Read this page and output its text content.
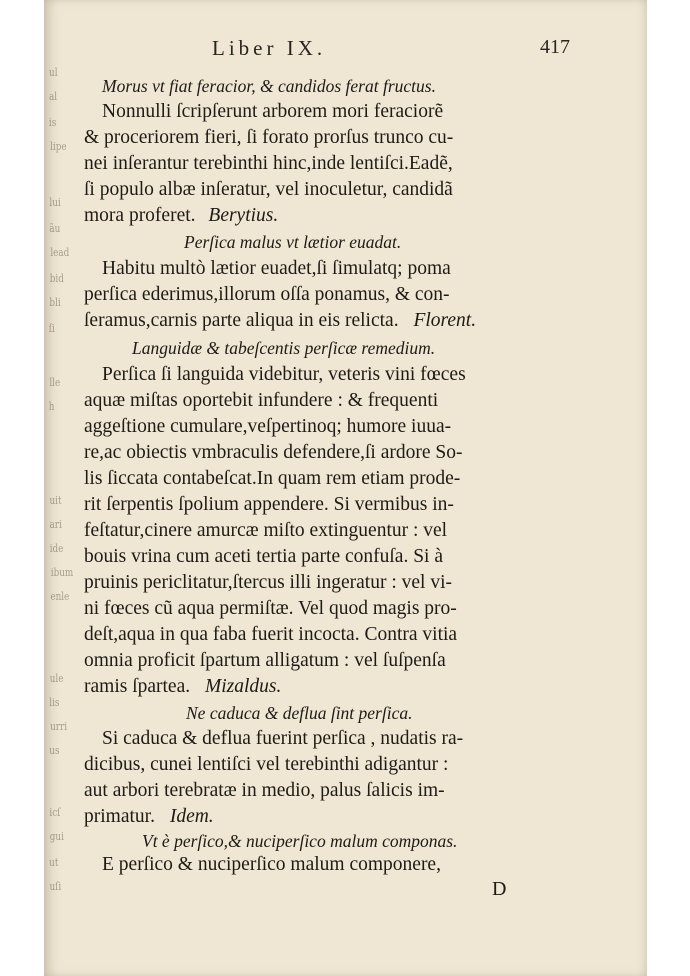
ul
al
is
lipe
lui
ãu
lead
bid
bli
ſi
lle
h
uit
ari
ide
ibum
enle
ule
lis
urri
us
icſ
gui
ut
uſi
Liber IX.	417
Morus vt fiat feracior, & candidos ferat fructus.
Nonnulli ſcripſerunt arborem mori feraciorẽ
& proceriorem fieri, ſi forato prorſus trunco cu-
nei inſerantur terebinthi hinc,inde lentiſci.Eadẽ,
ſi populo albæ inſeratur, vel inoculetur, candidã
mora proferet. Berytius.
Perſica malus vt lætior euadat.
Habitu multò lætior euadet,ſi ſimulatq; poma
perſica ederimus,illorum oſſa ponamus, & con-
ſeramus,carnis parte aliqua in eis relicta. Florent.
Languidæ & tabeſcentis perſicæ remedium.
Perſica ſi languida videbitur, veteris vini fœces
aquæ miſtas oportebit infundere : & frequenti
aggeſtione cumulare,veſpertinoq; humore iuua-
re,ac obiectis vmbraculis defendere,ſi ardore So-
lis ſiccata contabeſcat.In quam rem etiam prode-
rit ſerpentis ſpolium appendere. Si vermibus in-
feſtatur,cinere amurcæ miſto extinguentur : vel
bouis vrina cum aceti tertia parte confuſa. Si à
pruinis periclitatur,ſtercus illi ingeratur : vel vi-
ni fœces cũ aqua permiſtæ. Vel quod magis pro-
deſt,aqua in qua faba fuerit incocta. Contra vitia
omnia proficit ſpartum alligatum : vel ſuſpenſa
ramis ſpartea. Mizaldus.
Ne caduca & deflua ſint perſica.
Si caduca & deflua fuerint perſica , nudatis ra-
dicibus, cunei lentiſci vel terebinthi adigantur :
aut arbori terebratæ in medio, palus ſalicis im-
primatur. Idem.
Vt è perſico,& nuciperſico malum componas.
E perſico & nuciperſico malum componere,
D
